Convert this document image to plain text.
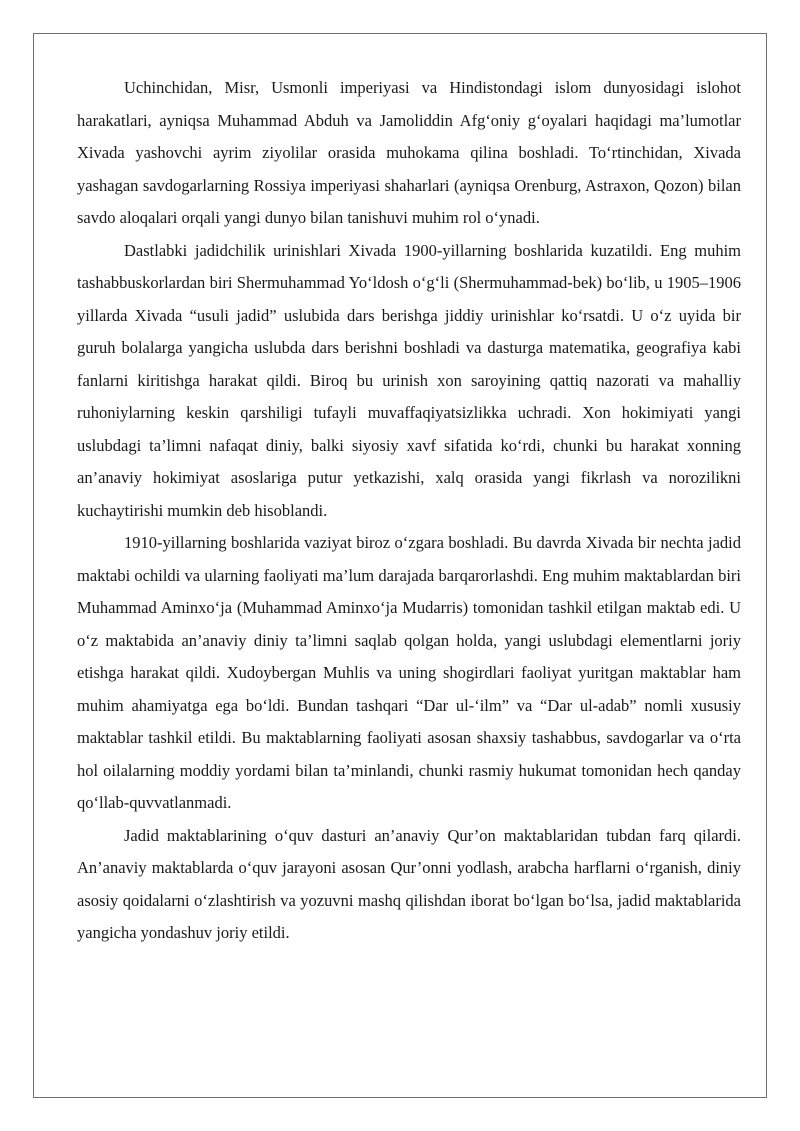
Uchinchidan, Misr, Usmonli imperiyasi va Hindistondagi islom dunyosidagi islohot harakatlari, ayniqsa Muhammad Abduh va Jamoliddin Afg‘oniy g‘oyalari haqidagi ma’lumotlar Xivada yashovchi ayrim ziyolilar orasida muhokama qilina boshladi. To‘rtinchidan, Xivada yashagan savdogarlarning Rossiya imperiyasi shaharlari (ayniqsa Orenburg, Astraxon, Qozon) bilan savdo aloqalari orqali yangi dunyo bilan tanishuvi muhim rol o‘ynadi.

Dastlabki jadidchilik urinishlari Xivada 1900-yillarning boshlarida kuzatildi. Eng muhim tashabbuskorlardan biri Shermuhammad Yo‘ldosh o‘g‘li (Shermuhammad-bek) bo‘lib, u 1905–1906 yillarda Xivada “usuli jadid” uslubida dars berishga jiddiy urinishlar ko‘rsatdi. U o‘z uyida bir guruh bolalarga yangicha uslubda dars berishni boshladi va dasturga matematika, geografiya kabi fanlarni kiritishga harakat qildi. Biroq bu urinish xon saroyining qattiq nazorati va mahalliy ruhoniylarning keskin qarshiligi tufayli muvaffaqiyatsizlikka uchradi. Xon hokimiyati yangi uslubdagi ta’limni nafaqat diniy, balki siyosiy xavf sifatida ko‘rdi, chunki bu harakat xonning an’anaviy hokimiyat asoslariga putur yetkazishi, xalq orasida yangi fikrlash va norozilikni kuchaytirishi mumkin deb hisoblandi.

1910-yillarning boshlarida vaziyat biroz o‘zgara boshladi. Bu davrda Xivada bir nechta jadid maktabi ochildi va ularning faoliyati ma’lum darajada barqarorlashdi. Eng muhim maktablardan biri Muhammad Aminxo‘ja (Muhammad Aminxo‘ja Mudarris) tomonidan tashkil etilgan maktab edi. U o‘z maktabida an’anaviy diniy ta’limni saqlab qolgan holda, yangi uslubdagi elementlarni joriy etishga harakat qildi. Xudoybergan Muhlis va uning shogirdlari faoliyat yuritgan maktablar ham muhim ahamiyatga ega bo‘ldi. Bundan tashqari “Dar ul-‘ilm” va “Dar ul-adab” nomli xususiy maktablar tashkil etildi. Bu maktablarning faoliyati asosan shaxsiy tashabbus, savdogarlar va o‘rta hol oilalarning moddiy yordami bilan ta’minlandi, chunki rasmiy hukumat tomonidan hech qanday qo‘llab-quvvatlanmadi.

Jadid maktablarining o‘quv dasturi an’anaviy Qur’on maktablaridan tubdan farq qilardi. An’anaviy maktablarda o‘quv jarayoni asosan Qur’onni yodlash, arabcha harflarni o‘rganish, diniy asosiy qoidalarni o‘zlashtirish va yozuvni mashq qilishdan iborat bo‘lgan bo‘lsa, jadid maktablarida yangicha yondashuv joriy etildi.
